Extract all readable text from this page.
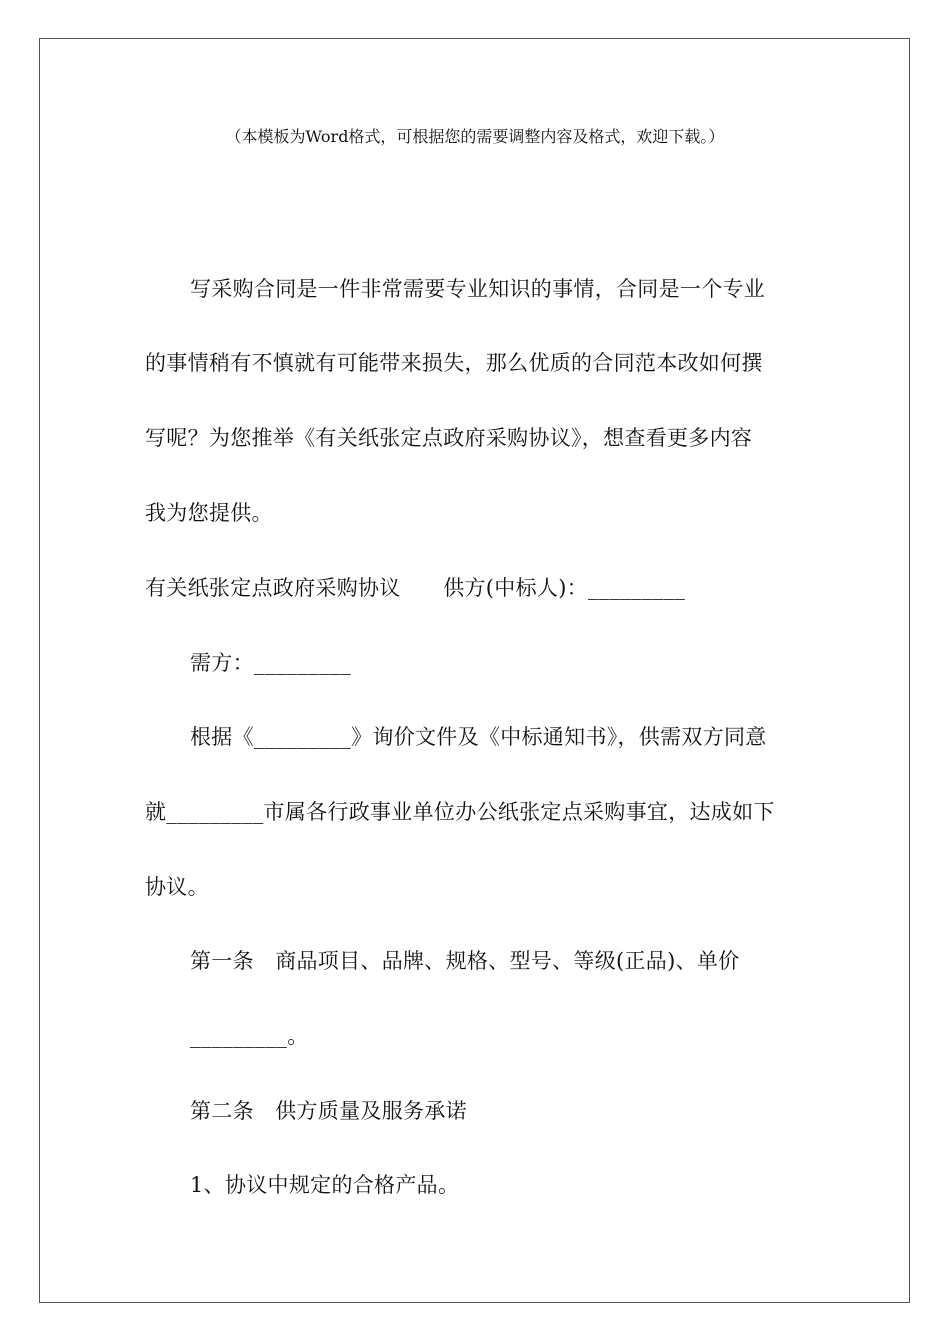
（本模板为Word格式，可根据您的需要调整内容及格式，欢迎下载。）
写采购合同是一件非常需要专业知识的事情，合同是一个专业
的事情稍有不慎就有可能带来损失，那么优质的合同范本改如何撰
写呢？为您推举《有关纸张定点政府采购协议》，想查看更多内容
我为您提供。
有关纸张定点政府采购协议　　供方(中标人)：_________
需方：_________
根据《_________》询价文件及《中标通知书》，供需双方同意
就_________市属各行政事业单位办公纸张定点采购事宜，达成如下
协议。
第一条　商品项目、品牌、规格、型号、等级(正品)、单价
_________。
第二条　供方质量及服务承诺
1、协议中规定的合格产品。
